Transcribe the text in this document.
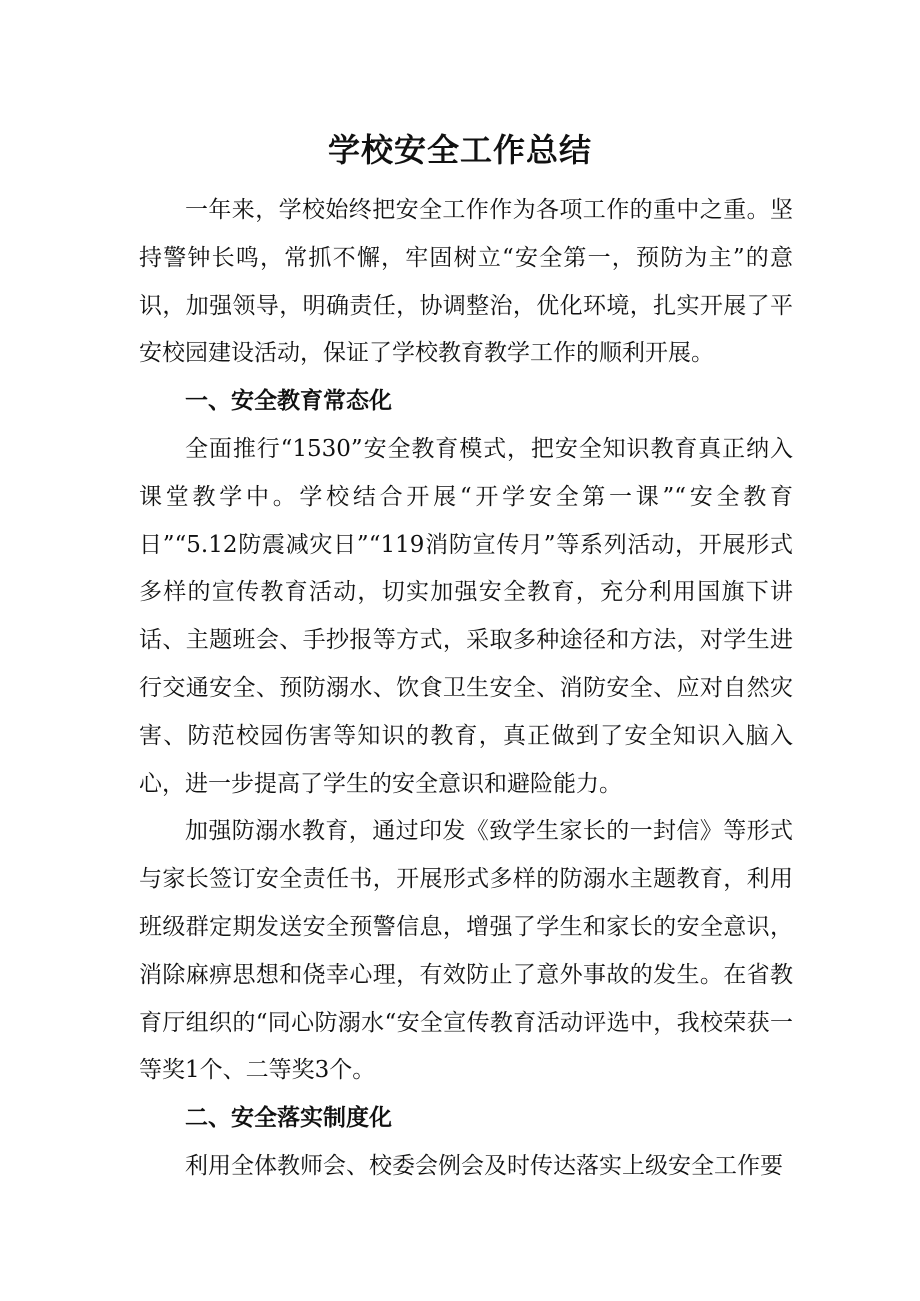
学校安全工作总结

一年来，学校始终把安全工作作为各项工作的重中之重。坚持警钟长鸣，常抓不懈，牢固树立“安全第一，预防为主”的意识，加强领导，明确责任，协调整治，优化环境，扎实开展了平安校园建设活动，保证了学校教育教学工作的顺利开展。

一、安全教育常态化

全面推行“1530”安全教育模式，把安全知识教育真正纳入课堂教学中。学校结合开展“开学安全第一课”“安全教育日”“5.12防震减灾日”“119消防宣传月”等系列活动，开展形式多样的宣传教育活动，切实加强安全教育，充分利用国旗下讲话、主题班会、手抄报等方式，采取多种途径和方法，对学生进行交通安全、预防溺水、饮食卫生安全、消防安全、应对自然灾害、防范校园伤害等知识的教育，真正做到了安全知识入脑入心，进一步提高了学生的安全意识和避险能力。

加强防溺水教育，通过印发《致学生家长的一封信》等形式与家长签订安全责任书，开展形式多样的防溺水主题教育，利用班级群定期发送安全预警信息，增强了学生和家长的安全意识，消除麻痹思想和侥幸心理，有效防止了意外事故的发生。在省教育厅组织的“同心防溺水“安全宣传教育活动评选中，我校荣获一等奖1个、二等奖3个。

二、安全落实制度化

利用全体教师会、校委会例会及时传达落实上级安全工作要
